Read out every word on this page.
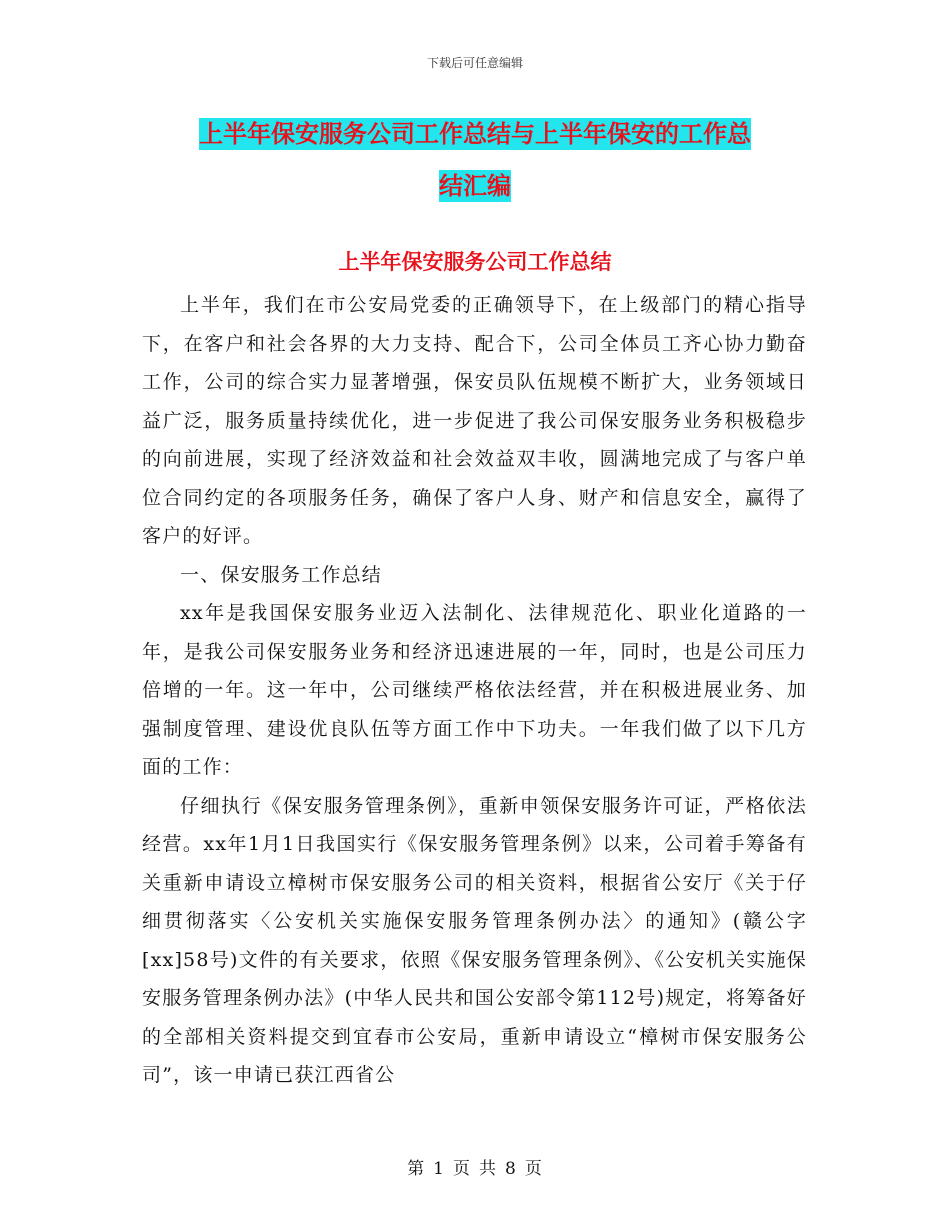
下载后可任意编辑
上半年保安服务公司工作总结与上半年保安的工作总
结汇编
上半年保安服务公司工作总结

上半年，我们在市公安局党委的正确领导下，在上级部门的精心指导下，在客户和社会各界的大力支持、配合下，公司全体员工齐心协力勤奋工作，公司的综合实力显著增强，保安员队伍规模不断扩大，业务领域日益广泛，服务质量持续优化，进一步促进了我公司保安服务业务积极稳步的向前进展，实现了经济效益和社会效益双丰收，圆满地完成了与客户单位合同约定的各项服务任务，确保了客户人身、财产和信息安全，赢得了客户的好评。

一、保安服务工作总结

xx年是我国保安服务业迈入法制化、法律规范化、职业化道路的一年，是我公司保安服务业务和经济迅速进展的一年，同时，也是公司压力倍增的一年。这一年中，公司继续严格依法经营，并在积极进展业务、加强制度管理、建设优良队伍等方面工作中下功夫。一年我们做了以下几方面的工作：

仔细执行《保安服务管理条例》，重新申领保安服务许可证，严格依法经营。xx年1月1日我国实行《保安服务管理条例》以来，公司着手筹备有关重新申请设立樟树市保安服务公司的相关资料，根据省公安厅《关于仔细贯彻落实〈公安机关实施保安服务管理条例办法〉的通知》(赣公字[xx]58号)文件的有关要求，依照《保安服务管理条例》、《公安机关实施保安服务管理条例办法》(中华人民共和国公安部令第112号)规定，将筹备好的全部相关资料提交到宜春市公安局，重新申请设立“樟树市保安服务公司”，该一申请已获江西省公

第 1 页 共 8 页
